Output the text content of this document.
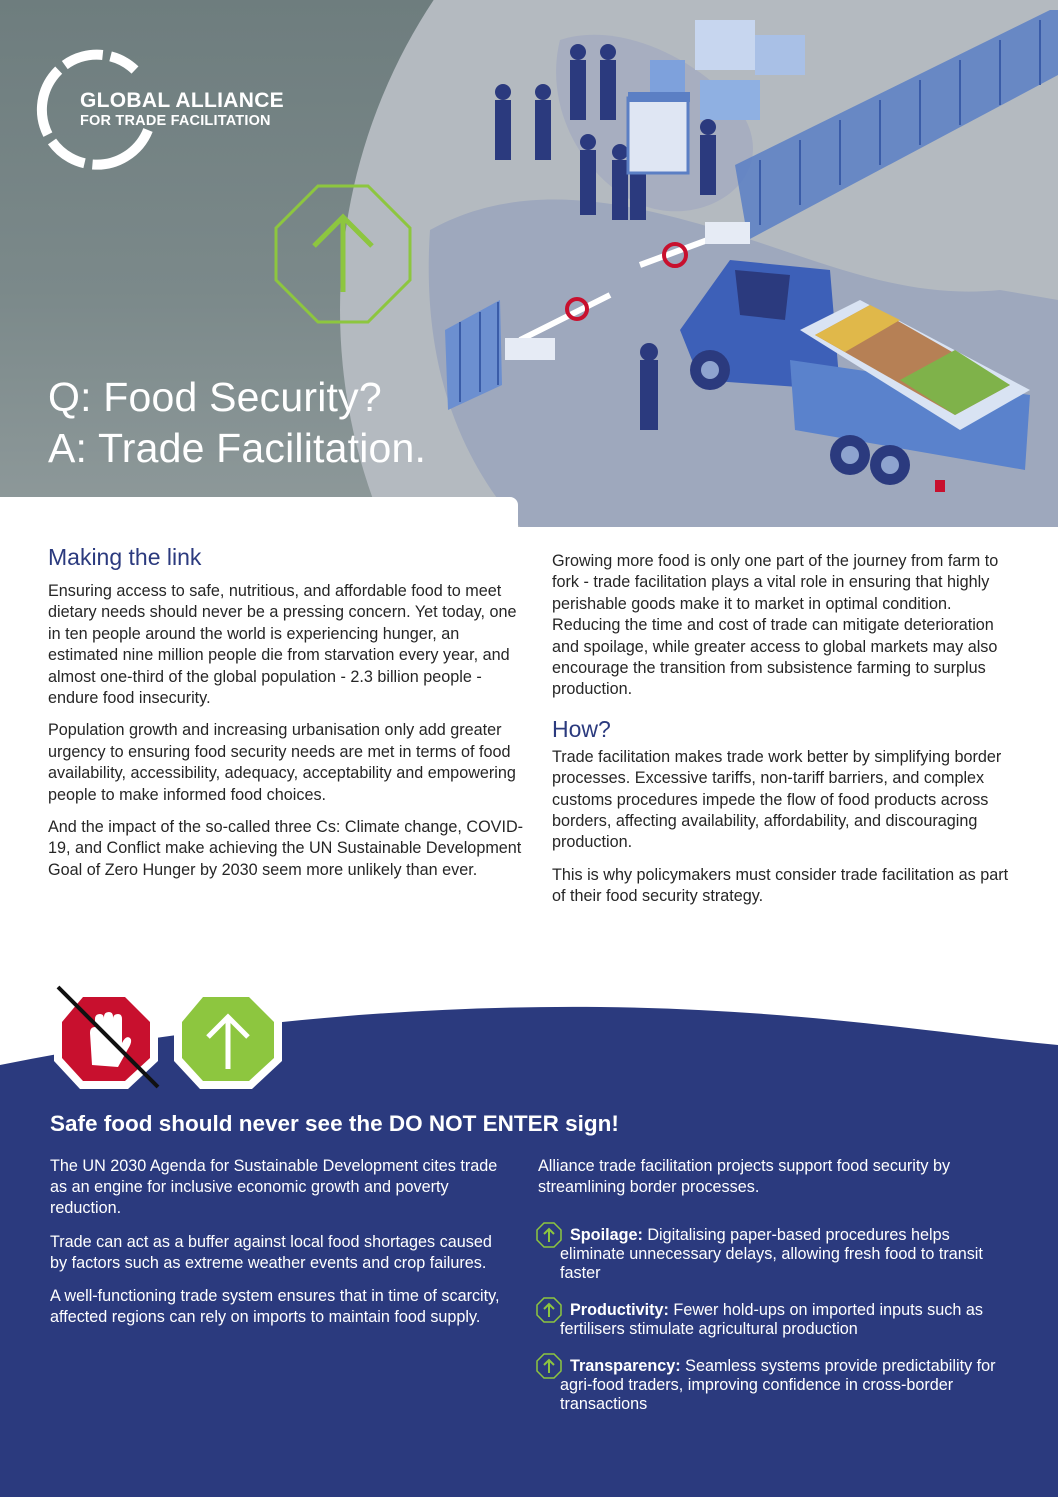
GLOBAL ALLIANCE
FOR TRADE FACILITATION
Q: Food Security?
A: Trade Facilitation.
Making the link

Ensuring access to safe, nutritious, and affordable food to meet dietary needs should never be a pressing concern. Yet today, one in ten people around the world is experiencing hunger, an estimated nine million people die from starvation every year, and almost one-third of the global population - 2.3 billion people - endure food insecurity.

Population growth and increasing urbanisation only add greater urgency to ensuring food security needs are met in terms of food availability, accessibility, adequacy, acceptability and empowering people to make informed food choices.

And the impact of the so-called three Cs: Climate change, COVID-19, and Conflict make achieving the UN Sustainable Development Goal of Zero Hunger by 2030 seem more unlikely than ever.

Growing more food is only one part of the journey from farm to fork - trade facilitation plays a vital role in ensuring that highly perishable goods make it to market in optimal condition. Reducing the time and cost of trade can mitigate deterioration and spoilage, while greater access to global markets may also encourage the transition from subsistence farming to surplus production.

How?

Trade facilitation makes trade work better by simplifying border processes. Excessive tariffs, non-tariff barriers, and complex customs procedures impede the flow of food products across borders, affecting availability, affordability, and discouraging production.

This is why policymakers must consider trade facilitation as part of their food security strategy.

Safe food should never see the DO NOT ENTER sign!

The UN 2030 Agenda for Sustainable Development cites trade as an engine for inclusive economic growth and poverty reduction.

Trade can act as a buffer against local food shortages caused by factors such as extreme weather events and crop failures.

A well-functioning trade system ensures that in time of scarcity, affected regions can rely on imports to maintain food supply.

Alliance trade facilitation projects support food security by streamlining border processes.

Spoilage: Digitalising paper-based procedures helps eliminate unnecessary delays, allowing fresh food to transit faster
Productivity: Fewer hold-ups on imported inputs such as fertilisers stimulate agricultural production
Transparency: Seamless systems provide predictability for agri-food traders, improving confidence in cross-border transactions
